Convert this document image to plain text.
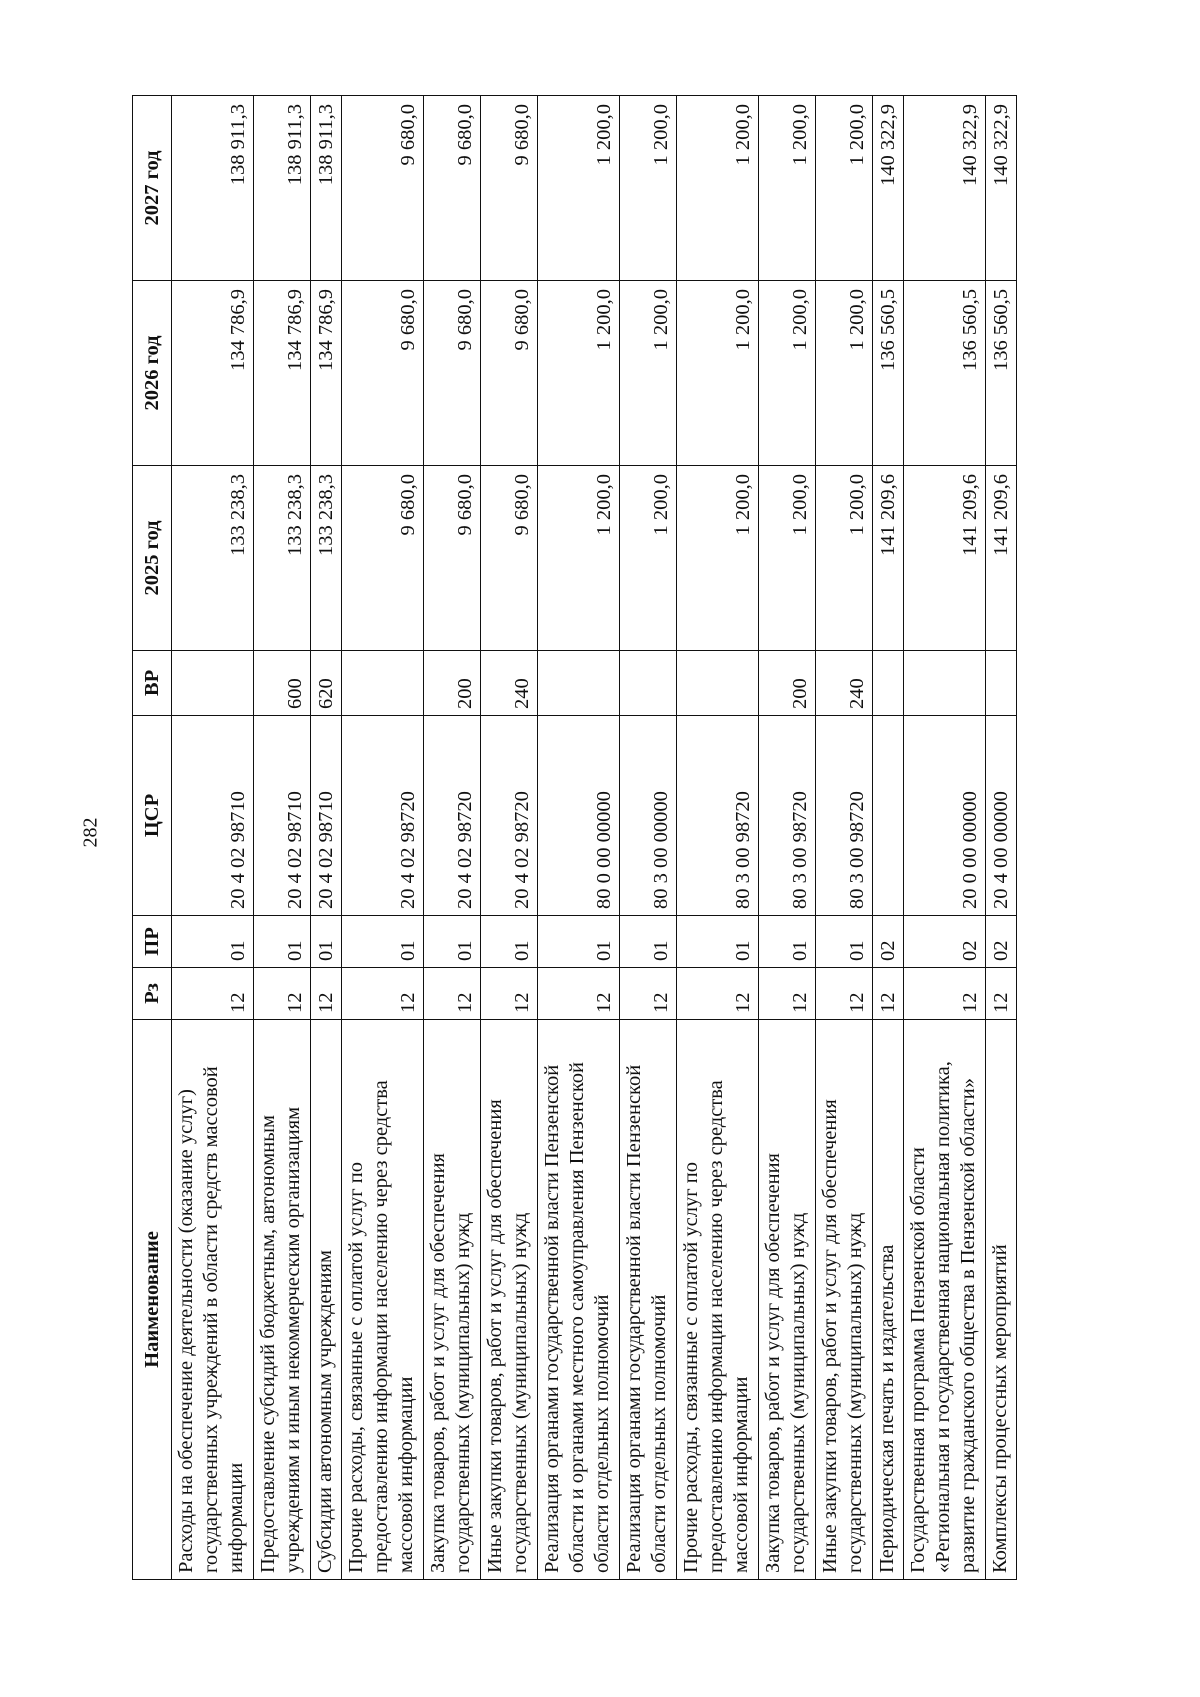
282
Наименование	Рз	ПР	ЦСР	ВР	2025 год	2026 год	2027 год
Расходы на обеспечение деятельности (оказание услуг) государственных учреждений в области средств массовой информации	12	01	20 4 02 98710		133 238,3	134 786,9	138 911,3
Предоставление субсидий бюджетным, автономным учреждениям и иным некоммерческим организациям	12	01	20 4 02 98710	600	133 238,3	134 786,9	138 911,3
Субсидии автономным учреждениям	12	01	20 4 02 98710	620	133 238,3	134 786,9	138 911,3
Прочие расходы, связанные с оплатой услуг по предоставлению информации населению через средства массовой информации	12	01	20 4 02 98720		9 680,0	9 680,0	9 680,0
Закупка товаров, работ и услуг для обеспечения государственных (муниципальных) нужд	12	01	20 4 02 98720	200	9 680,0	9 680,0	9 680,0
Иные закупки товаров, работ и услуг для обеспечения государственных (муниципальных) нужд	12	01	20 4 02 98720	240	9 680,0	9 680,0	9 680,0
Реализация органами государственной власти Пензенской области и органами местного самоуправления Пензенской области отдельных полномочий	12	01	80 0 00 00000		1 200,0	1 200,0	1 200,0
Реализация органами государственной власти Пензенской области отдельных полномочий	12	01	80 3 00 00000		1 200,0	1 200,0	1 200,0
Прочие расходы, связанные с оплатой услуг по предоставлению информации населению через средства массовой информации	12	01	80 3 00 98720		1 200,0	1 200,0	1 200,0
Закупка товаров, работ и услуг для обеспечения государственных (муниципальных) нужд	12	01	80 3 00 98720	200	1 200,0	1 200,0	1 200,0
Иные закупки товаров, работ и услуг для обеспечения государственных (муниципальных) нужд	12	01	80 3 00 98720	240	1 200,0	1 200,0	1 200,0
Периодическая печать и издательства	12	02			141 209,6	136 560,5	140 322,9
Государственная программа Пензенской области «Региональная и государственная национальная политика, развитие гражданского общества в Пензенской области»	12	02	20 0 00 00000		141 209,6	136 560,5	140 322,9
Комплексы процессных мероприятий	12	02	20 4 00 00000		141 209,6	136 560,5	140 322,9
